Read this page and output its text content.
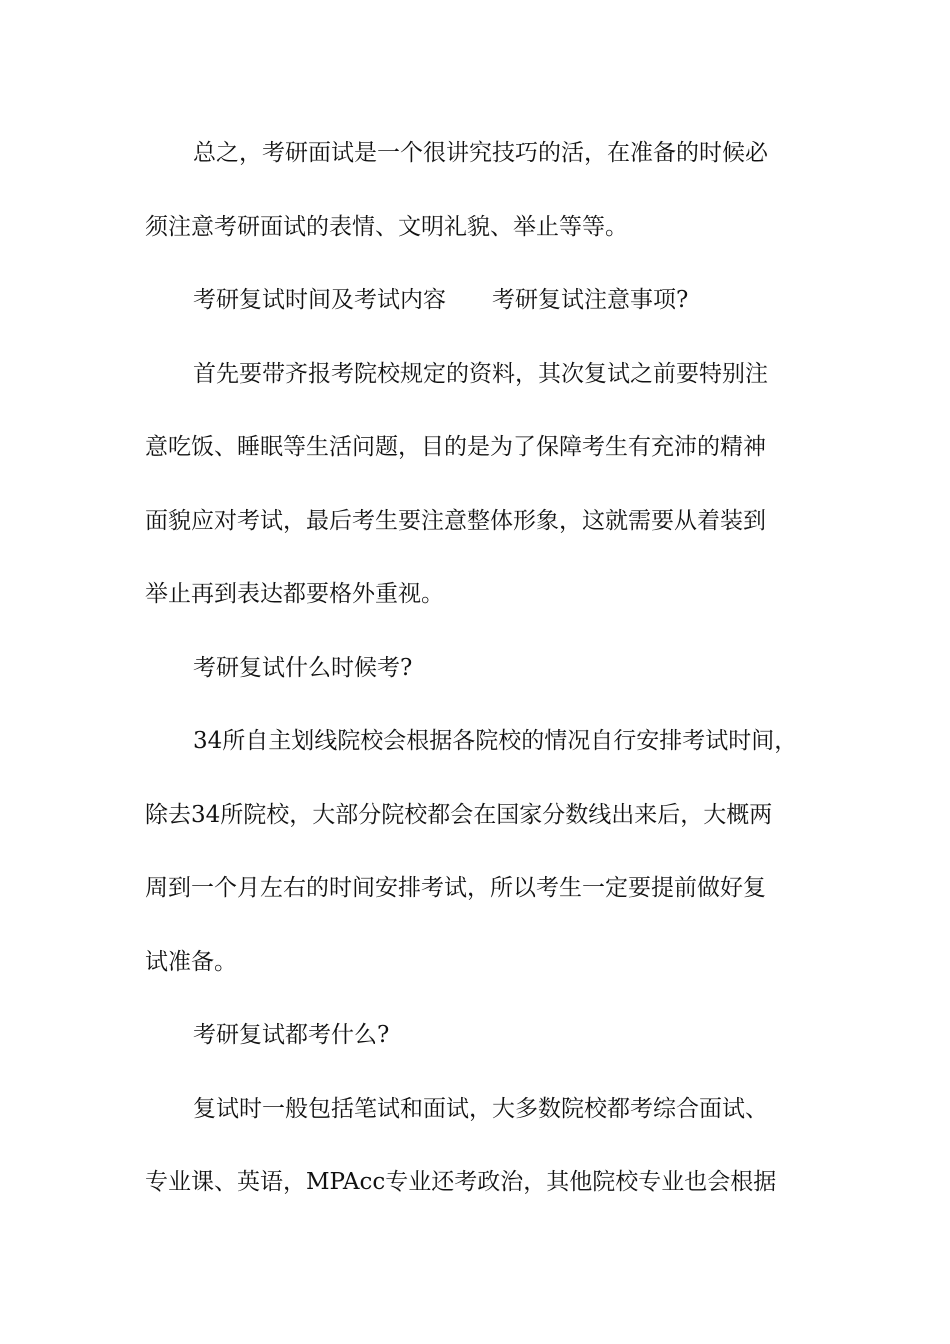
总之，考研面试是一个很讲究技巧的活，在准备的时候必
须注意考研面试的表情、文明礼貌、举止等等。
考研复试时间及考试内容 考研复试注意事项?
首先要带齐报考院校规定的资料，其次复试之前要特别注
意吃饭、睡眠等生活问题，目的是为了保障考生有充沛的精神
面貌应对考试，最后考生要注意整体形象，这就需要从着装到
举止再到表达都要格外重视。
考研复试什么时候考?
34所自主划线院校会根据各院校的情况自行安排考试时间，
除去34所院校，大部分院校都会在国家分数线出来后，大概两
周到一个月左右的时间安排考试，所以考生一定要提前做好复
试准备。
考研复试都考什么?
复试时一般包括笔试和面试，大多数院校都考综合面试、
专业课、英语，MPAcc专业还考政治，其他院校专业也会根据
